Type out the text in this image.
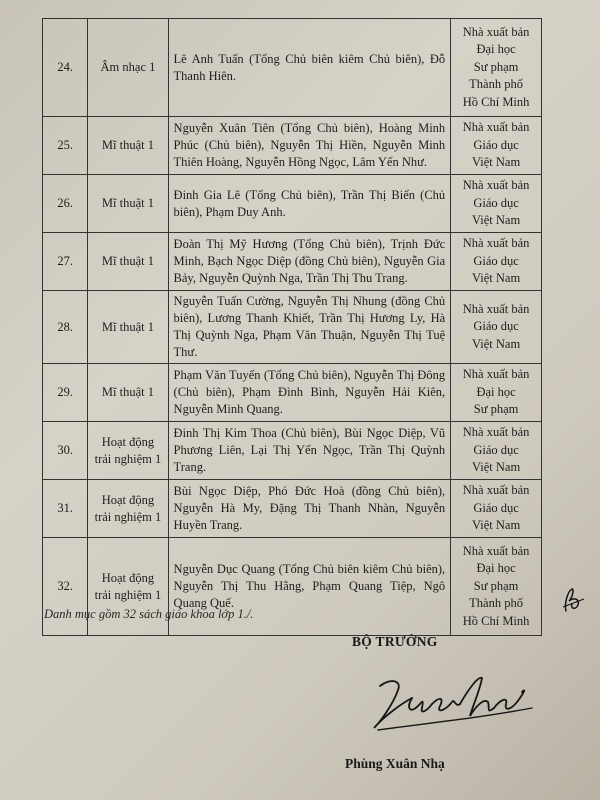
24.	Âm nhạc 1	Lê Anh Tuấn (Tổng Chủ biên kiêm Chủ biên), Đỗ Thanh Hiên.	Nhà xuất bản
Đại học
Sư phạm
Thành phố
Hồ Chí Minh

25.	Mĩ thuật 1	Nguyễn Xuân Tiên (Tổng Chủ biên), Hoàng Minh Phúc (Chủ biên), Nguyễn Thị Hiền, Nguyễn Minh Thiên Hoàng, Nguyễn Hồng Ngọc, Lâm Yến Như.	Nhà xuất bản
Giáo dục
Việt Nam

26.	Mĩ thuật 1	Đinh Gia Lê (Tổng Chủ biên), Trần Thị Biển (Chủ biên), Phạm Duy Anh.	Nhà xuất bản
Giáo dục
Việt Nam

27.	Mĩ thuật 1	Đoàn Thị Mỹ Hương (Tổng Chủ biên), Trịnh Đức Minh, Bạch Ngọc Diệp (đồng Chủ biên), Nguyễn Gia Bảy, Nguyễn Quỳnh Nga, Trần Thị Thu Trang.	Nhà xuất bản
Giáo dục
Việt Nam

28.	Mĩ thuật 1	Nguyễn Tuấn Cường, Nguyễn Thị Nhung (đồng Chủ biên), Lương Thanh Khiết, Trần Thị Hương Ly, Hà Thị Quỳnh Nga, Phạm Văn Thuận, Nguyễn Thị Tuệ Thư.	Nhà xuất bản
Giáo dục
Việt Nam

29.	Mĩ thuật 1	Phạm Văn Tuyến (Tổng Chủ biên), Nguyễn Thị Đông (Chủ biên), Phạm Đình Bình, Nguyễn Hải Kiên, Nguyễn Minh Quang.	Nhà xuất bản
Đại học
Sư phạm

30.	Hoạt động trải nghiệm 1	Đinh Thị Kim Thoa (Chủ biên), Bùi Ngọc Diệp, Vũ Phương Liên, Lại Thị Yến Ngọc, Trần Thị Quỳnh Trang.	Nhà xuất bản
Giáo dục
Việt Nam

31.	Hoạt động trải nghiệm 1	Bùi Ngọc Diệp, Phó Đức Hoà (đồng Chủ biên), Nguyễn Hà My, Đặng Thị Thanh Nhàn, Nguyễn Huyền Trang.	Nhà xuất bản
Giáo dục
Việt Nam

32.	Hoạt động trải nghiệm 1	Nguyễn Dục Quang (Tổng Chủ biên kiêm Chủ biên), Nguyễn Thị Thu Hằng, Phạm Quang Tiệp, Ngô Quang Quế.	Nhà xuất bản
Đại học
Sư phạm
Thành phố
Hồ Chí Minh
Danh mục gồm 32 sách giáo khoa lớp 1./.
BỘ TRƯỞNG
Phùng Xuân Nhạ
